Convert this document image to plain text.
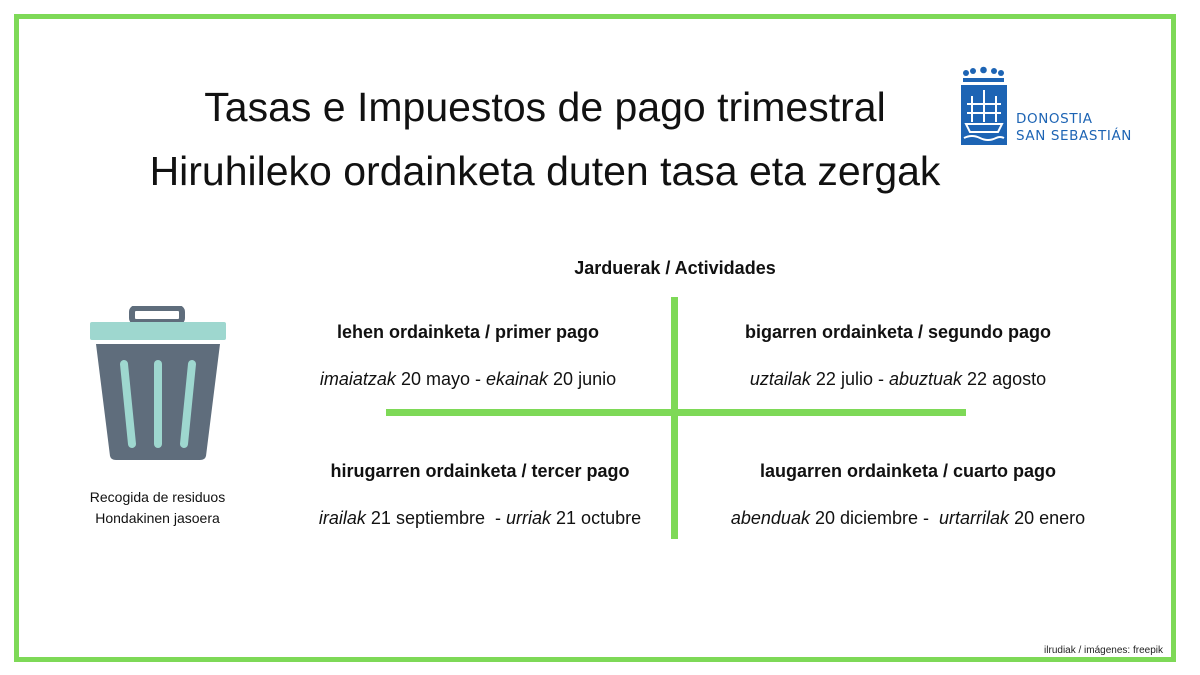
Tasas e Impuestos de pago trimestral
Hiruhileko ordainketa duten tasa eta zergak
DONOSTIA
SAN SEBASTIÁN
Recogida de residuos
Hondakinen jasoera
Jarduerak / Actividades
lehen ordainketa / primer pago
imaiatzak 20 mayo - ekainak 20 junio
bigarren ordainketa / segundo pago
uztailak 22 julio - abuztuak 22 agosto
hirugarren ordainketa / tercer pago
irailak 21 septiembre  - urriak 21 octubre
laugarren ordainketa / cuarto pago
abenduak 20 diciembre -  urtarrilak 20 enero
ilrudiak / imágenes: freepik
